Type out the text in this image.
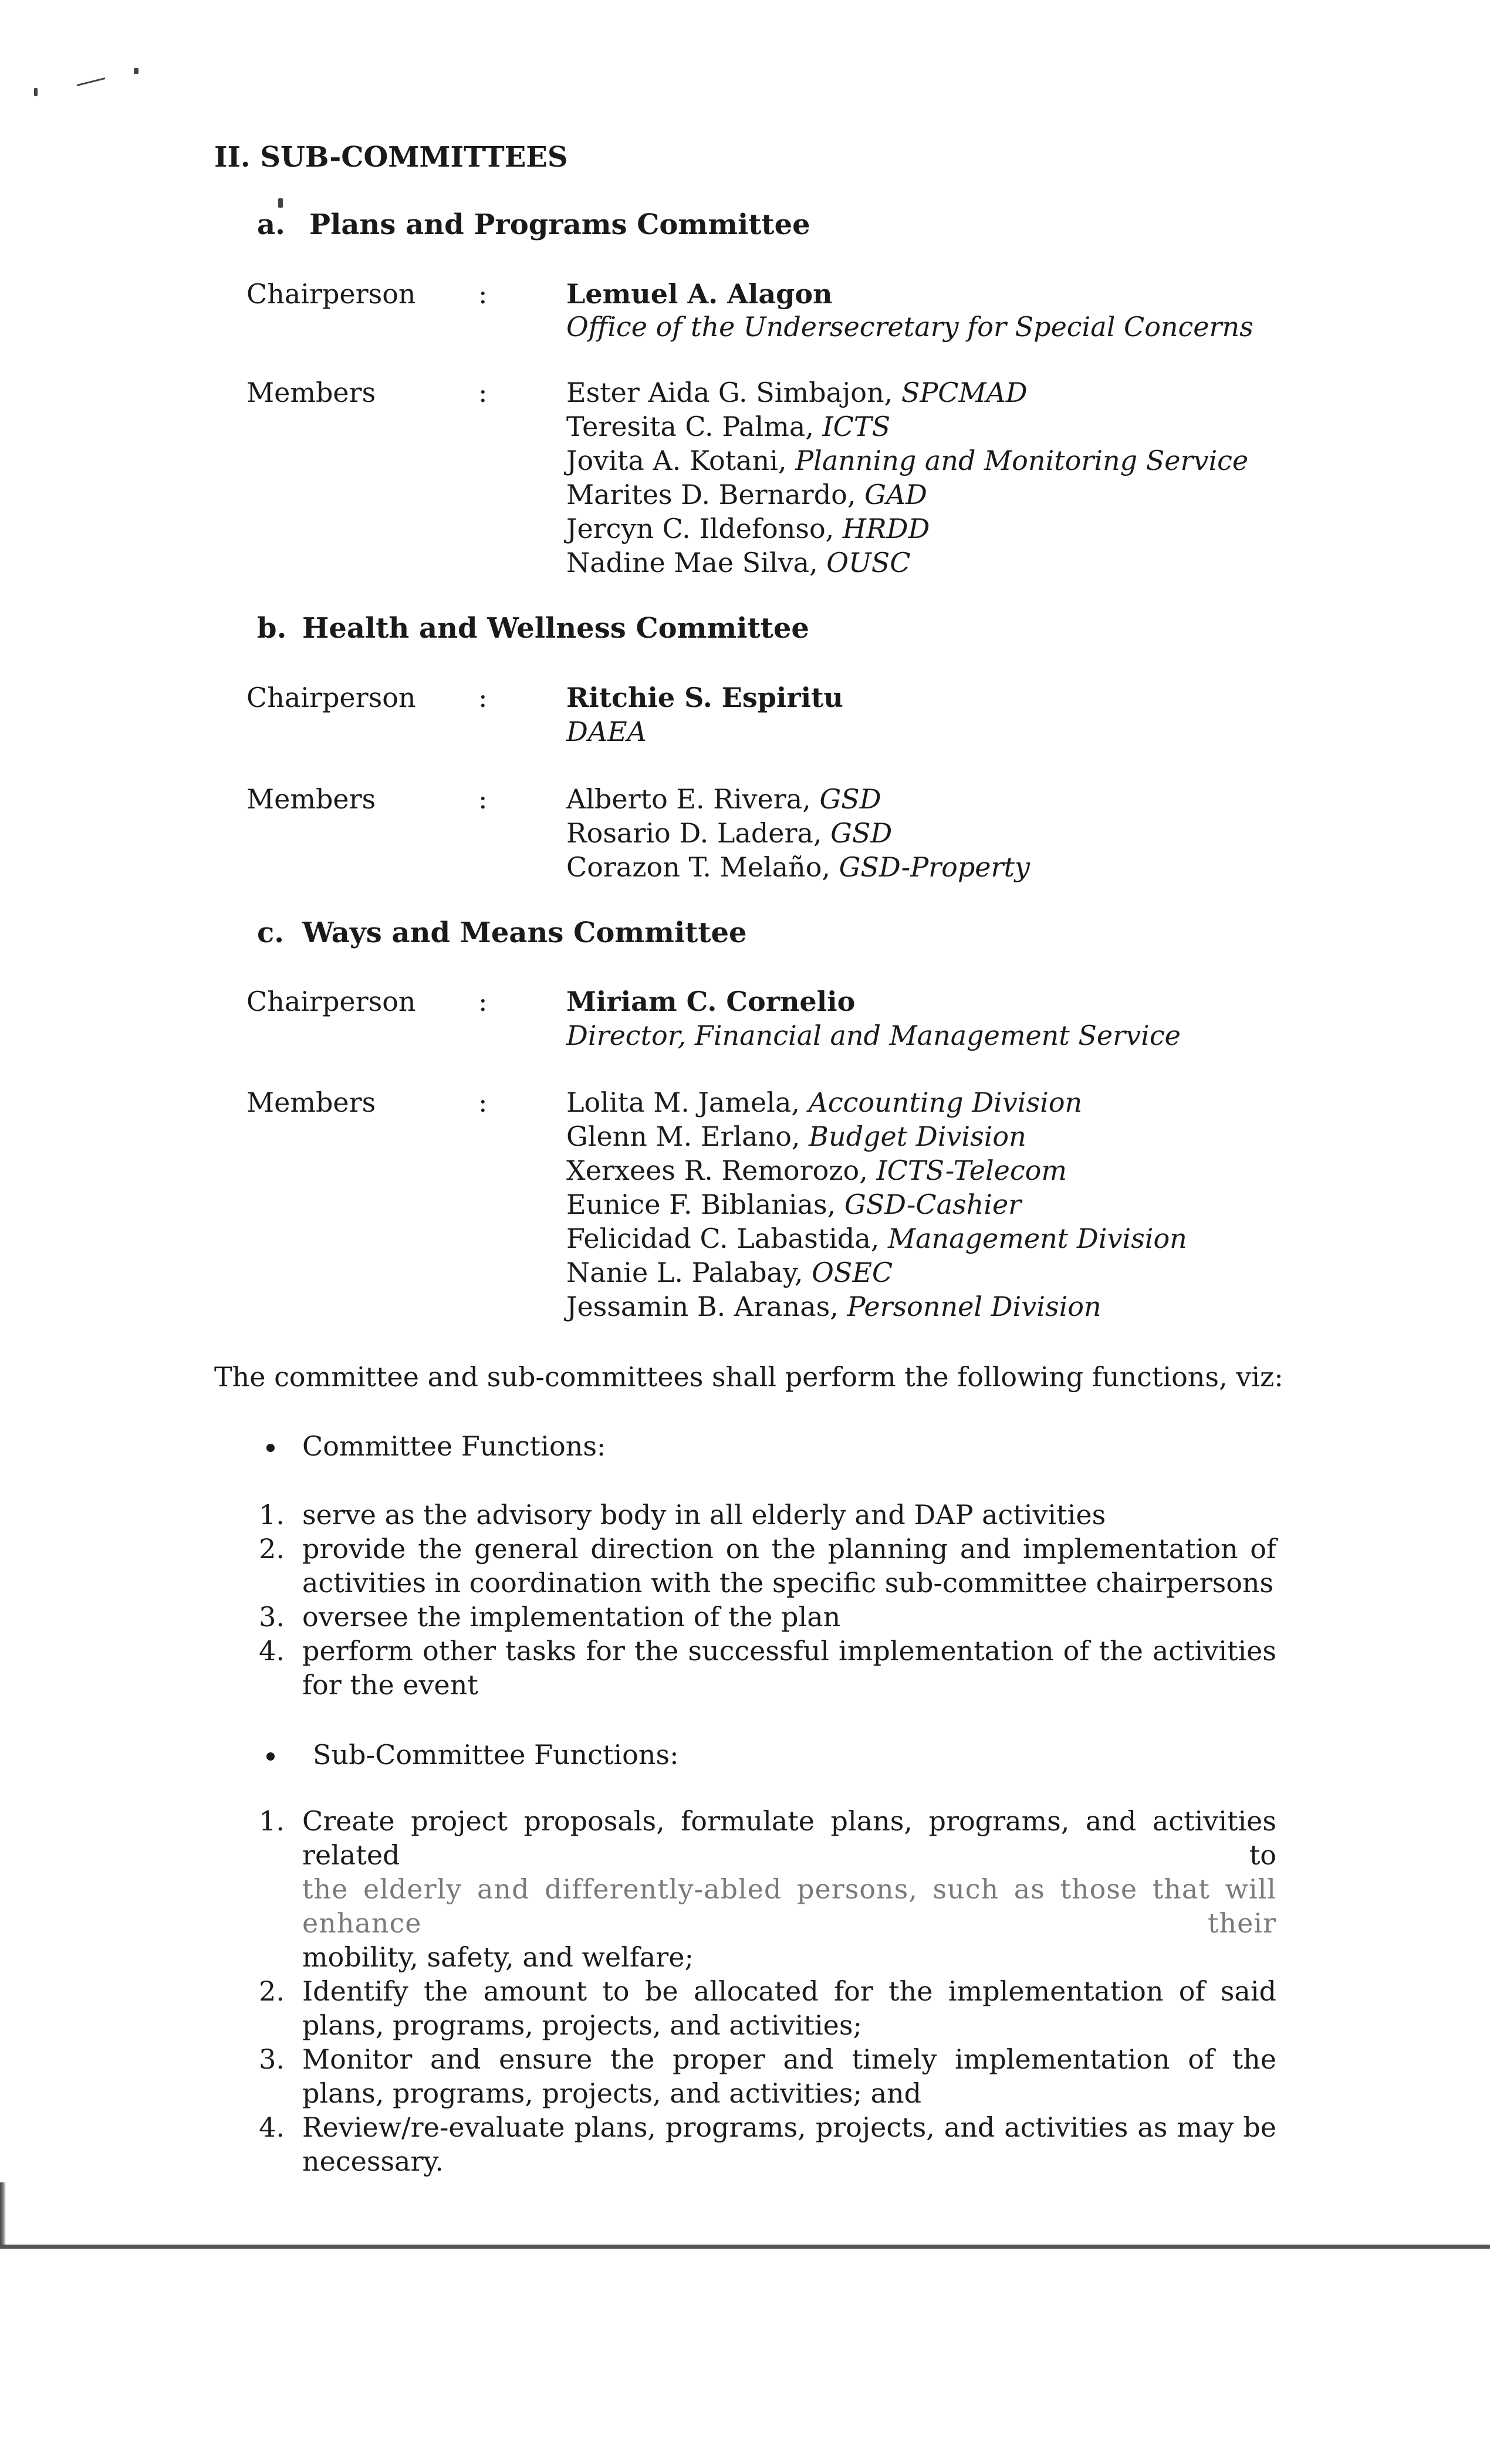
II. SUB-COMMITTEES
a. Plans and Programs Committee
Chairperson :	Lemuel A. Alagon
Office of the Undersecretary for Special Concerns
Members	:	Ester Aida G. Simbajon, SPCMAD
Teresita C. Palma, ICTS
Jovita A. Kotani, Planning and Monitoring Service
Marites D. Bernardo, GAD
Jercyn C. Ildefonso, HRDD
Nadine Mae Silva, OUSC
b. Health and Wellness Committee
Chairperson :	Ritchie S. Espiritu
DAEA
Members	:	Alberto E. Rivera, GSD
Rosario D. Ladera, GSD
Corazon T. Melaño, GSD-Property
c. Ways and Means Committee
Chairperson :	Miriam C. Cornelio
Director, Financial and Management Service
Members	:	Lolita M. Jamela, Accounting Division
Glenn M. Erlano, Budget Division
Xerxees R. Remorozo, ICTS-Telecom
Eunice F. Biblanias, GSD-Cashier
Felicidad C. Labastida, Management Division
Nanie L. Palabay, OSEC
Jessamin B. Aranas, Personnel Division
The committee and sub-committees shall perform the following functions, viz:
Committee Functions:
1. serve as the advisory body in all elderly and DAP activities
2. provide the general direction on the planning and implementation of activities in coordination with the specific sub-committee chairpersons
3. oversee the implementation of the plan
4. perform other tasks for the successful implementation of the activities for the event
Sub-Committee Functions:
1. Create project proposals, formulate plans, programs, and activities related to
the elderly and differently-abled persons, such as those that will enhance their
mobility, safety, and welfare;
2. Identify the amount to be allocated for the implementation of said plans, programs, projects, and activities;
3. Monitor and ensure the proper and timely implementation of the plans, programs, projects, and activities; and
4. Review/re-evaluate plans, programs, projects, and activities as may be necessary.
